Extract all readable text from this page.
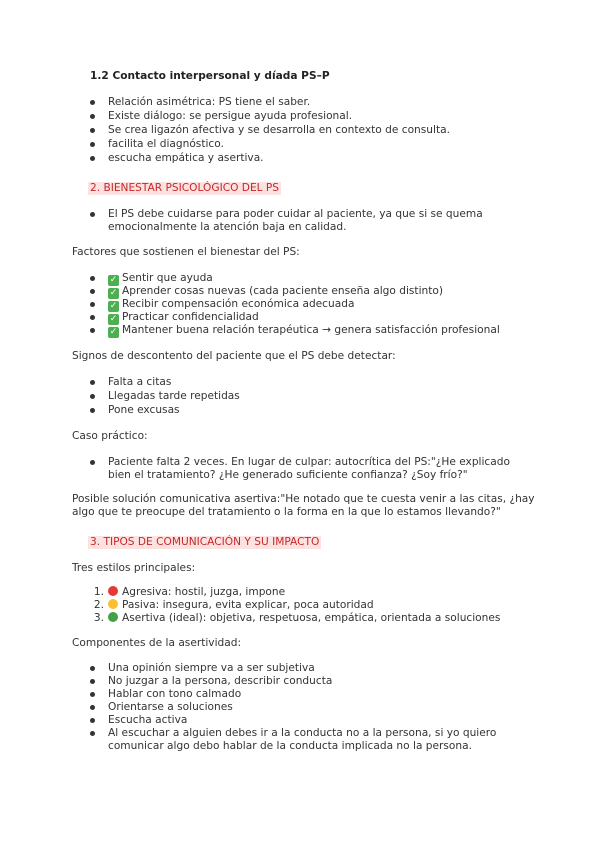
1.2 Contacto interpersonal y díada PS–P
Relación asimétrica: PS tiene el saber.
Existe diálogo: se persigue ayuda profesional.
Se crea ligazón afectiva y se desarrolla en contexto de consulta.
facilita el diagnóstico.
escucha empática y asertiva.
2. BIENESTAR PSICOLÓGICO DEL PS
El PS debe cuidarse para poder cuidar al paciente, ya que si se quema
emocionalmente la atención baja en calidad.
Factores que sostienen el bienestar del PS:
✓ Sentir que ayuda
✓ Aprender cosas nuevas (cada paciente enseña algo distinto)
✓ Recibir compensación económica adecuada
✓ Practicar confidencialidad
✓ Mantener buena relación terapéutica → genera satisfacción profesional
Signos de descontento del paciente que el PS debe detectar:
Falta a citas
Llegadas tarde repetidas
Pone excusas
Caso práctico:
Paciente falta 2 veces. En lugar de culpar: autocrítica del PS:"¿He explicado
bien el tratamiento? ¿He generado suficiente confianza? ¿Soy frío?"
Posible solución comunicativa asertiva:"He notado que te cuesta venir a las citas, ¿hay
algo que te preocupe del tratamiento o la forma en la que lo estamos llevando?"
3. TIPOS DE COMUNICACIÓN Y SU IMPACTO
Tres estilos principales:
1.	Agresiva: hostil, juzga, impone
2.	Pasiva: insegura, evita explicar, poca autoridad
3.	Asertiva (ideal): objetiva, respetuosa, empática, orientada a soluciones
Componentes de la asertividad:
Una opinión siempre va a ser subjetiva
No juzgar a la persona, describir conducta
Hablar con tono calmado
Orientarse a soluciones
Escucha activa
Al escuchar a alguien debes ir a la conducta no a la persona, si yo quiero
comunicar algo debo hablar de la conducta implicada no la persona.
